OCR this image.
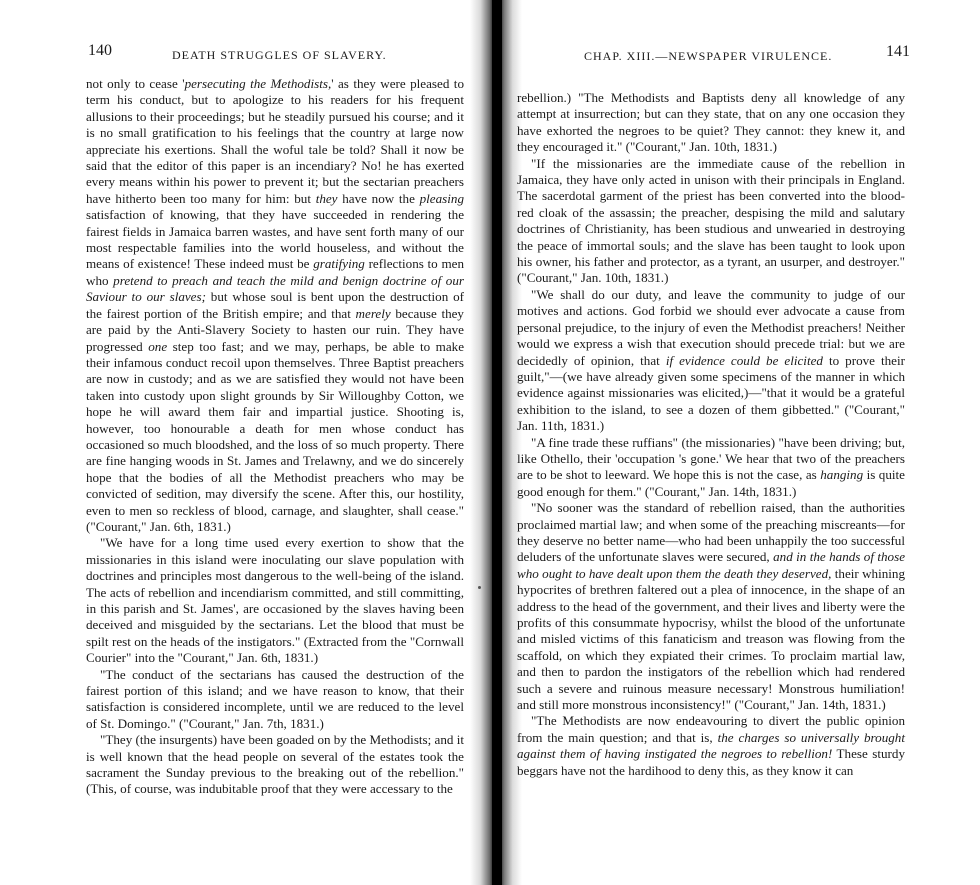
140	DEATH STRUGGLES OF SLAVERY.	CHAP. XIII.—NEWSPAPER VIRULENCE.	141

not only to cease 'persecuting the Methodists,' as they were pleased to term his conduct, but to apologize to his readers for his frequent allusions to their proceedings; but he steadily pursued his course; and it is no small gratification to his feelings that the country at large now appreciate his exertions. Shall the woful tale be told? Shall it now be said that the editor of this paper is an incendiary? No! he has exerted every means within his power to prevent it; but the sectarian preachers have hitherto been too many for him: but they have now the pleasing satisfaction of knowing, that they have succeeded in rendering the fairest fields in Jamaica barren wastes, and have sent forth many of our most respectable families into the world houseless, and without the means of existence! These indeed must be gratifying reflections to men who pretend to preach and teach the mild and benign doctrine of our Saviour to our slaves; but whose soul is bent upon the destruction of the fairest portion of the British empire; and that merely because they are paid by the Anti-Slavery Society to hasten our ruin. They have progressed one step too fast; and we may, perhaps, be able to make their infamous conduct recoil upon themselves. Three Baptist preachers are now in custody; and as we are satisfied they would not have been taken into custody upon slight grounds by Sir Willoughby Cotton, we hope he will award them fair and impartial justice. Shooting is, however, too honourable a death for men whose conduct has occasioned so much bloodshed, and the loss of so much property. There are fine hanging woods in St. James and Trelawny, and we do sincerely hope that the bodies of all the Methodist preachers who may be convicted of sedition, may diversify the scene. After this, our hostility, even to men so reckless of blood, carnage, and slaughter, shall cease." ("Courant," Jan. 6th, 1831.)

"We have for a long time used every exertion to show that the missionaries in this island were inoculating our slave population with doctrines and principles most dangerous to the well-being of the island. The acts of rebellion and incendiarism committed, and still committing, in this parish and St. James', are occasioned by the slaves having been deceived and misguided by the sectarians. Let the blood that must be spilt rest on the heads of the instigators." (Extracted from the "Cornwall Courier" into the "Courant," Jan. 6th, 1831.)

"The conduct of the sectarians has caused the destruction of the fairest portion of this island; and we have reason to know, that their satisfaction is considered incomplete, until we are reduced to the level of St. Domingo." ("Courant," Jan. 7th, 1831.)

"They (the insurgents) have been goaded on by the Methodists; and it is well known that the head people on several of the estates took the sacrament the Sunday previous to the breaking out of the rebellion." (This, of course, was indubitable proof that they were accessary to the

rebellion.) "The Methodists and Baptists deny all knowledge of any attempt at insurrection; but can they state, that on any one occasion they have exhorted the negroes to be quiet? They cannot: they knew it, and they encouraged it." ("Courant," Jan. 10th, 1831.)

"If the missionaries are the immediate cause of the rebellion in Jamaica, they have only acted in unison with their principals in England. The sacerdotal garment of the priest has been converted into the blood-red cloak of the assassin; the preacher, despising the mild and salutary doctrines of Christianity, has been studious and unwearied in destroying the peace of immortal souls; and the slave has been taught to look upon his owner, his father and protector, as a tyrant, an usurper, and destroyer." ("Courant," Jan. 10th, 1831.)

"We shall do our duty, and leave the community to judge of our motives and actions. God forbid we should ever advocate a cause from personal prejudice, to the injury of even the Methodist preachers! Neither would we express a wish that execution should precede trial: but we are decidedly of opinion, that if evidence could be elicited to prove their guilt,"—(we have already given some specimens of the manner in which evidence against missionaries was elicited,)—"that it would be a grateful exhibition to the island, to see a dozen of them gibbetted." ("Courant," Jan. 11th, 1831.)

"A fine trade these ruffians" (the missionaries) "have been driving; but, like Othello, their 'occupation 's gone.' We hear that two of the preachers are to be shot to leeward. We hope this is not the case, as hanging is quite good enough for them." ("Courant," Jan. 14th, 1831.)

"No sooner was the standard of rebellion raised, than the authorities proclaimed martial law; and when some of the preaching miscreants—for they deserve no better name—who had been unhappily the too successful deluders of the unfortunate slaves were secured, and in the hands of those who ought to have dealt upon them the death they deserved, their whining hypocrites of brethren faltered out a plea of innocence, in the shape of an address to the head of the government, and their lives and liberty were the profits of this consummate hypocrisy, whilst the blood of the unfortunate and misled victims of this fanaticism and treason was flowing from the scaffold, on which they expiated their crimes. To proclaim martial law, and then to pardon the instigators of the rebellion which had rendered such a severe and ruinous measure necessary! Monstrous humiliation! and still more monstrous inconsistency!" ("Courant," Jan. 14th, 1831.)

"The Methodists are now endeavouring to divert the public opinion from the main question; and that is, the charges so universally brought against them of having instigated the negroes to rebellion! These sturdy beggars have not the hardihood to deny this, as they know it can
